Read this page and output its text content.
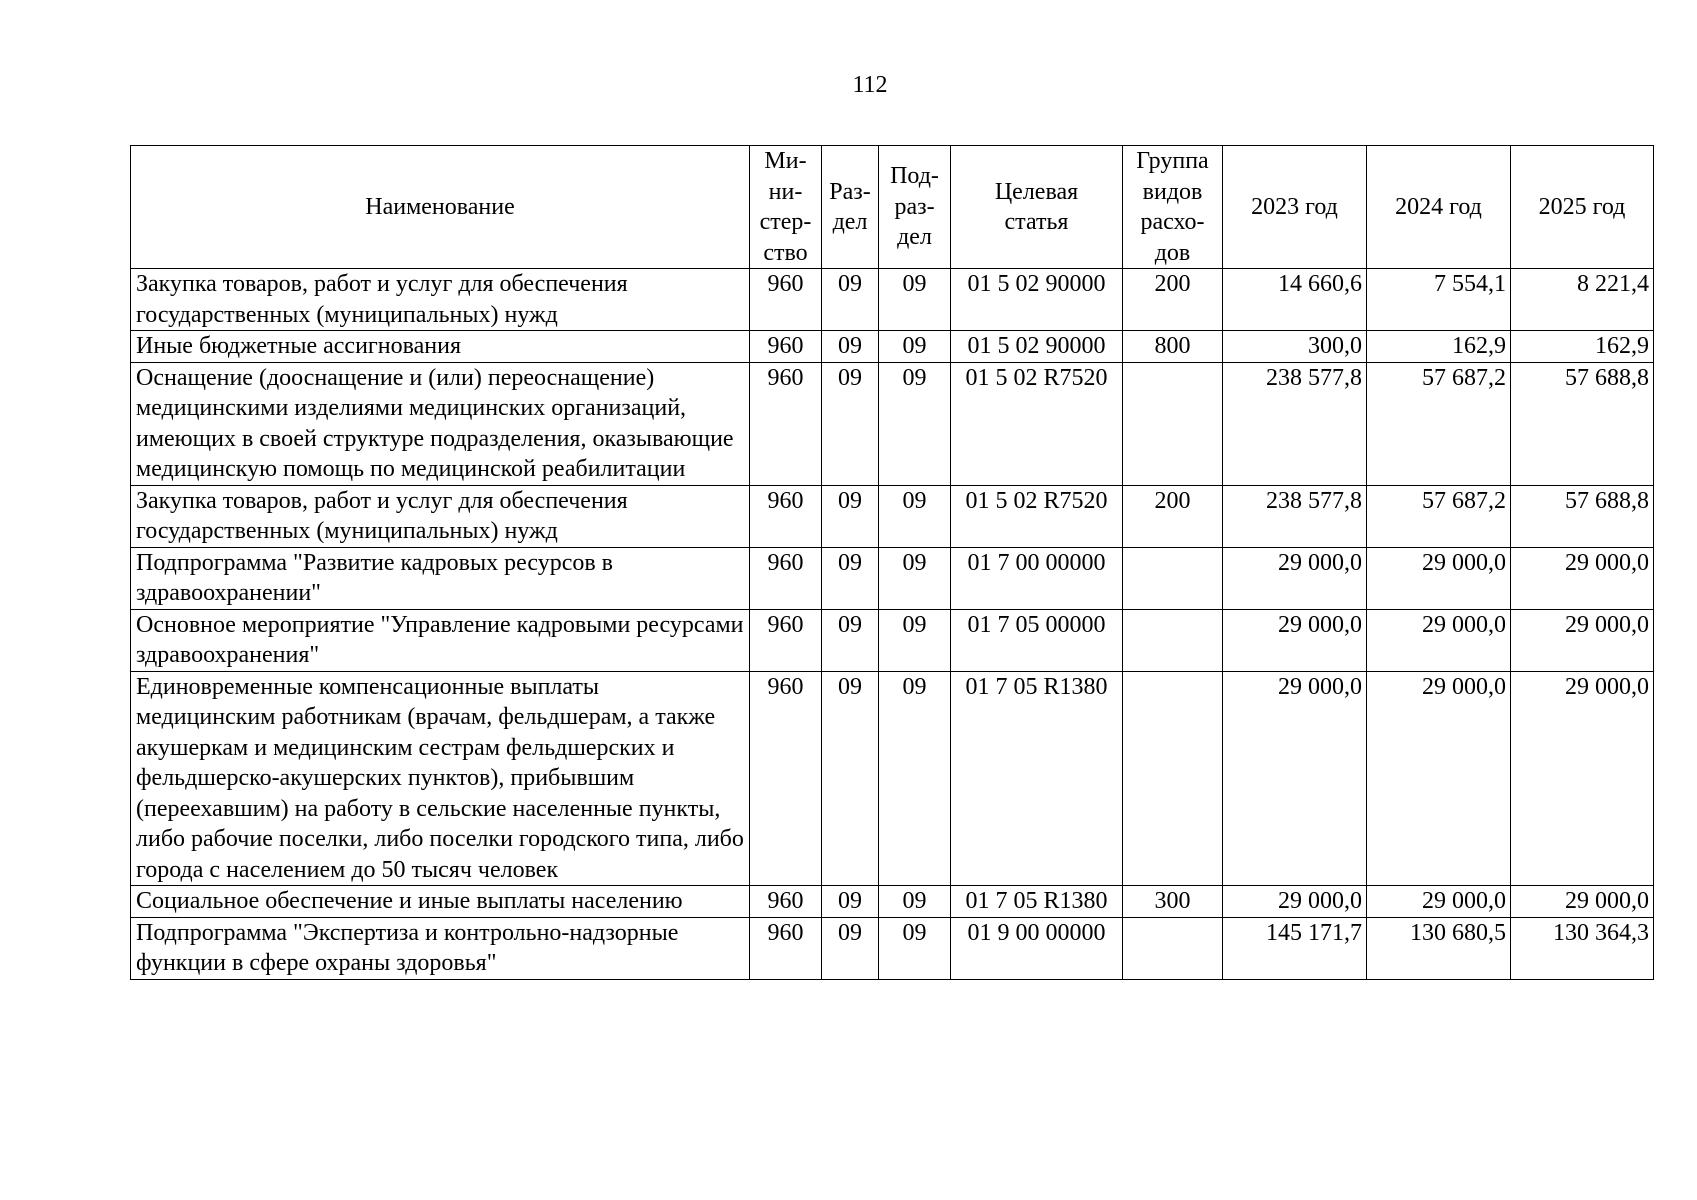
112
Наименование	Ми-
ни-
стер-
ство	Раз-
дел	Под-
раз-
дел	Целевая
статья	Группа
видов
расхо-
дов	2023 год	2024 год	2025 год
Закупка товаров, работ и услуг для обеспечения государственных (муниципальных) нужд	960	09	09	01 5 02 90000	200	14 660,6	7 554,1	8 221,4
Иные бюджетные ассигнования	960	09	09	01 5 02 90000	800	300,0	162,9	162,9
Оснащение (дооснащение и (или) переоснащение) медицинскими изделиями медицинских организаций, имеющих в своей структуре подразделения, оказывающие медицинскую помощь по медицинской реабилитации	960	09	09	01 5 02 R7520		238 577,8	57 687,2	57 688,8
Закупка товаров, работ и услуг для обеспечения государственных (муниципальных) нужд	960	09	09	01 5 02 R7520	200	238 577,8	57 687,2	57 688,8
Подпрограмма "Развитие кадровых ресурсов в здравоохранении"	960	09	09	01 7 00 00000		29 000,0	29 000,0	29 000,0
Основное мероприятие "Управление кадровыми ресурсами здравоохранения"	960	09	09	01 7 05 00000		29 000,0	29 000,0	29 000,0
Единовременные компенсационные выплаты медицинским работникам (врачам, фельдшерам, а также акушеркам и медицинским сестрам фельдшерских и фельдшерско-акушерских пунктов), прибывшим (переехавшим) на работу в сельские населенные пункты, либо рабочие поселки, либо поселки городского типа, либо города с населением до 50 тысяч человек	960	09	09	01 7 05 R1380		29 000,0	29 000,0	29 000,0
Социальное обеспечение и иные выплаты населению	960	09	09	01 7 05 R1380	300	29 000,0	29 000,0	29 000,0
Подпрограмма "Экспертиза и контрольно-надзорные функции в сфере охраны здоровья"	960	09	09	01 9 00 00000		145 171,7	130 680,5	130 364,3
